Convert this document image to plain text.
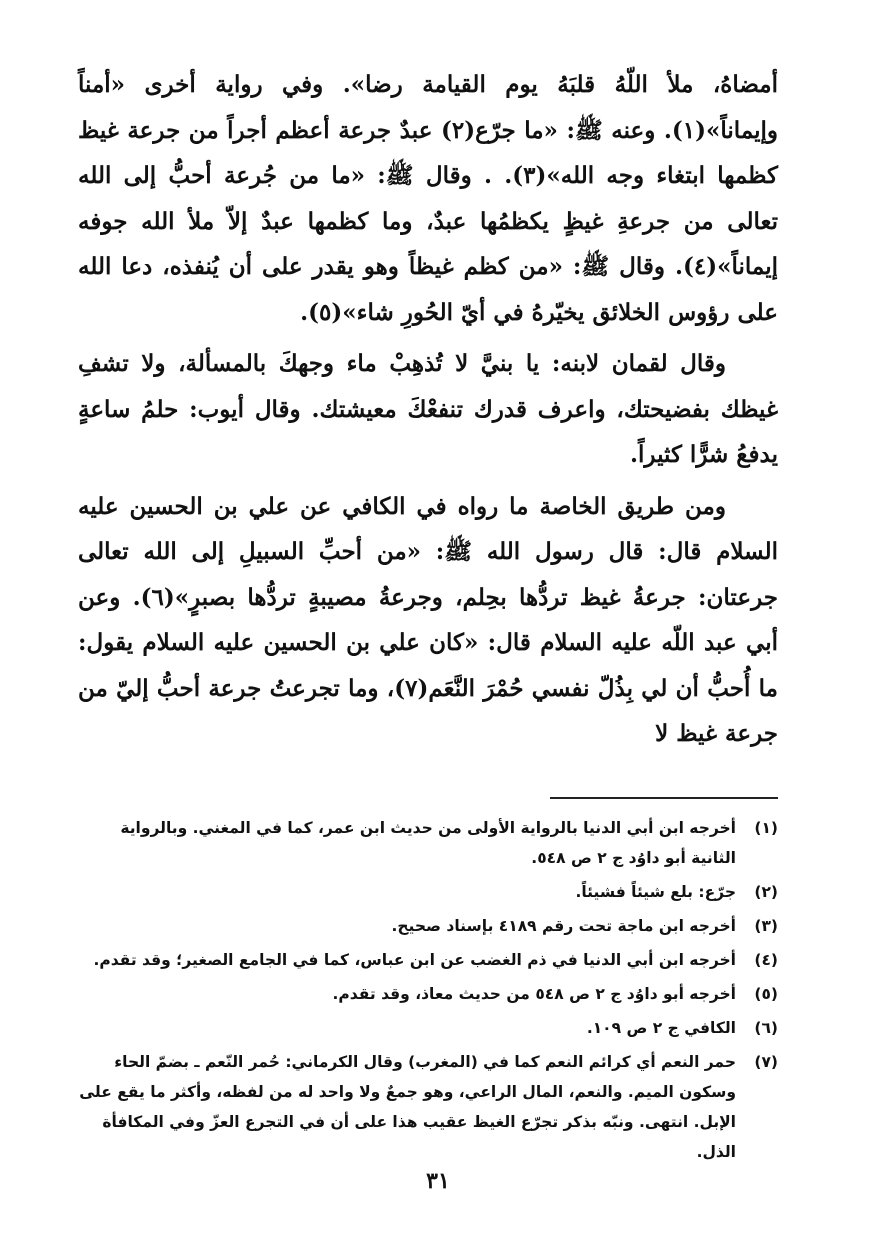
أمضاهُ، ملأ اللّهُ قلبَهُ يوم القيامة رضا». وفي رواية أخرى «أمناً وإيماناً»(١). وعنه ﷺ: «ما جرّع(٢) عبدٌ جرعة أعظم أجراً من جرعة غيظ كظمها ابتغاء وجه الله»(٣). . وقال ﷺ: «ما من جُرعة أحبُّ إلى الله تعالى من جرعةِ غيظٍ يكظمُها عبدٌ، وما كظمها عبدٌ إلاّ ملأ الله جوفه إيماناً»(٤). وقال ﷺ: «من كظم غيظاً وهو يقدر على أن يُنفذه، دعا الله على رؤوس الخلائق يخيّرهُ في أيّ الحُورِ شاء»(٥).

وقال لقمان لابنه: يا بنيَّ لا تُذهِبْ ماء وجهكَ بالمسألة، ولا تشفِ غيظك بفضيحتك، واعرف قدرك تنفعْكَ معيشتك. وقال أيوب: حلمُ ساعةٍ يدفعُ شرًّا كثيراً.

ومن طريق الخاصة ما رواه في الكافي عن علي بن الحسين عليه السلام قال: قال رسول الله ﷺ: «من أحبِّ السبيلِ إلى الله تعالى جرعتان: جرعةُ غيظ تردُّها بحِلم، وجرعةُ مصيبةٍ تردُّها بصبرٍ»(٦). وعن أبي عبد اللّه عليه السلام قال: «كان علي بن الحسين عليه السلام يقول: ما أُحبُّ أن لي بِذُلّ نفسي حُمْرَ النَّعَم(٧)، وما تجرعتُ جرعة أحبُّ إليّ من جرعة غيظ لا

(١)
أخرجه ابن أبي الدنيا بالرواية الأولى من حديث ابن عمر، كما في المغني. وبالرواية الثانية أبو داوُد ج ٢ ص ٥٤٨.
(٢)
جرّع: بلع شيئاً فشيئاً.
(٣)
أخرجه ابن ماجة تحت رقم ٤١٨٩ بإسناد صحيح.
(٤)
أخرجه ابن أبي الدنيا في ذم الغضب عن ابن عباس، كما في الجامع الصغير؛ وقد تقدم.
(٥)
أخرجه أبو داوُد ج ٢ ص ٥٤٨ من حديث معاذ، وقد تقدم.
(٦)
الكافي ج ٢ ص ١٠٩.
(٧)
حمر النعم أي كرائم النعم كما في (المغرب) وقال الكرماني: حُمر النّعم ـ بضمّ الحاء وسكون الميم. والنعم، المال الراعي، وهو جمعٌ ولا واحد له من لفظه، وأكثر ما يقع على الإبل. انتهى. ونبّه بذكر تجرّع الغيظ عقيب هذا على أن في التجرع العزّ وفي المكافأة الذل.
٣١
